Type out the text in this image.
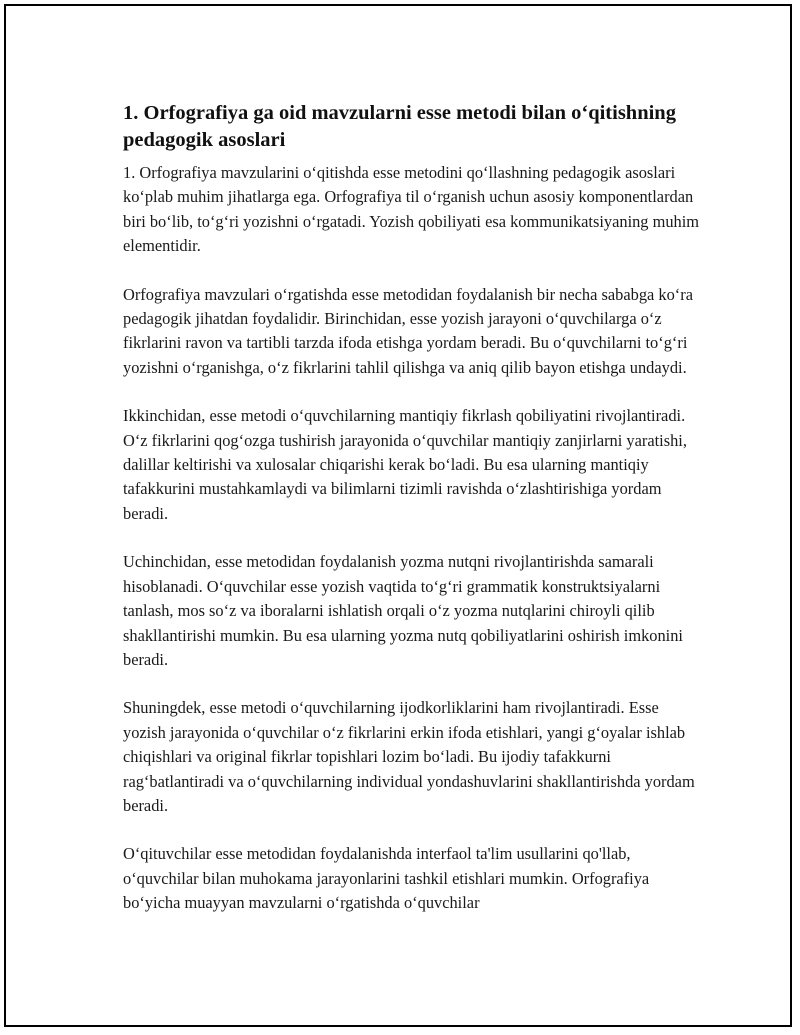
1. Orfografiya ga oid mavzularni esse metodi bilan o‘qitishning pedagogik asoslari

1. Orfografiya mavzularini o‘qitishda esse metodini qo‘llashning pedagogik asoslari ko‘plab muhim jihatlarga ega. Orfografiya til o‘rganish uchun asosiy komponentlardan biri bo‘lib, to‘g‘ri yozishni o‘rgatadi. Yozish qobiliyati esa kommunikatsiyaning muhim elementidir.

Orfografiya mavzulari o‘rgatishda esse metodidan foydalanish bir necha sababga ko‘ra pedagogik jihatdan foydalidir. Birinchidan, esse yozish jarayoni o‘quvchilarga o‘z fikrlarini ravon va tartibli tarzda ifoda etishga yordam beradi. Bu o‘quvchilarni to‘g‘ri yozishni o‘rganishga, o‘z fikrlarini tahlil qilishga va aniq qilib bayon etishga undaydi.

Ikkinchidan, esse metodi o‘quvchilarning mantiqiy fikrlash qobiliyatini rivojlantiradi. O‘z fikrlarini qog‘ozga tushirish jarayonida o‘quvchilar mantiqiy zanjirlarni yaratishi, dalillar keltirishi va xulosalar chiqarishi kerak bo‘ladi. Bu esa ularning mantiqiy tafakkurini mustahkamlaydi va bilimlarni tizimli ravishda o‘zlashtirishiga yordam beradi.

Uchinchidan, esse metodidan foydalanish yozma nutqni rivojlantirishda samarali hisoblanadi. O‘quvchilar esse yozish vaqtida to‘g‘ri grammatik konstruktsiyalarni tanlash, mos so‘z va iboralarni ishlatish orqali o‘z yozma nutqlarini chiroyli qilib shakllantirishi mumkin. Bu esa ularning yozma nutq qobiliyatlarini oshirish imkonini beradi.

Shuningdek, esse metodi o‘quvchilarning ijodkorliklarini ham rivojlantiradi. Esse yozish jarayonida o‘quvchilar o‘z fikrlarini erkin ifoda etishlari, yangi g‘oyalar ishlab chiqishlari va original fikrlar topishlari lozim bo‘ladi. Bu ijodiy tafakkurni rag‘batlantiradi va o‘quvchilarning individual yondashuvlarini shakllantirishda yordam beradi.

O‘qituvchilar esse metodidan foydalanishda interfaol ta'lim usullarini qo'llab, o‘quvchilar bilan muhokama jarayonlarini tashkil etishlari mumkin. Orfografiya bo‘yicha muayyan mavzularni o‘rgatishda o‘quvchilar
